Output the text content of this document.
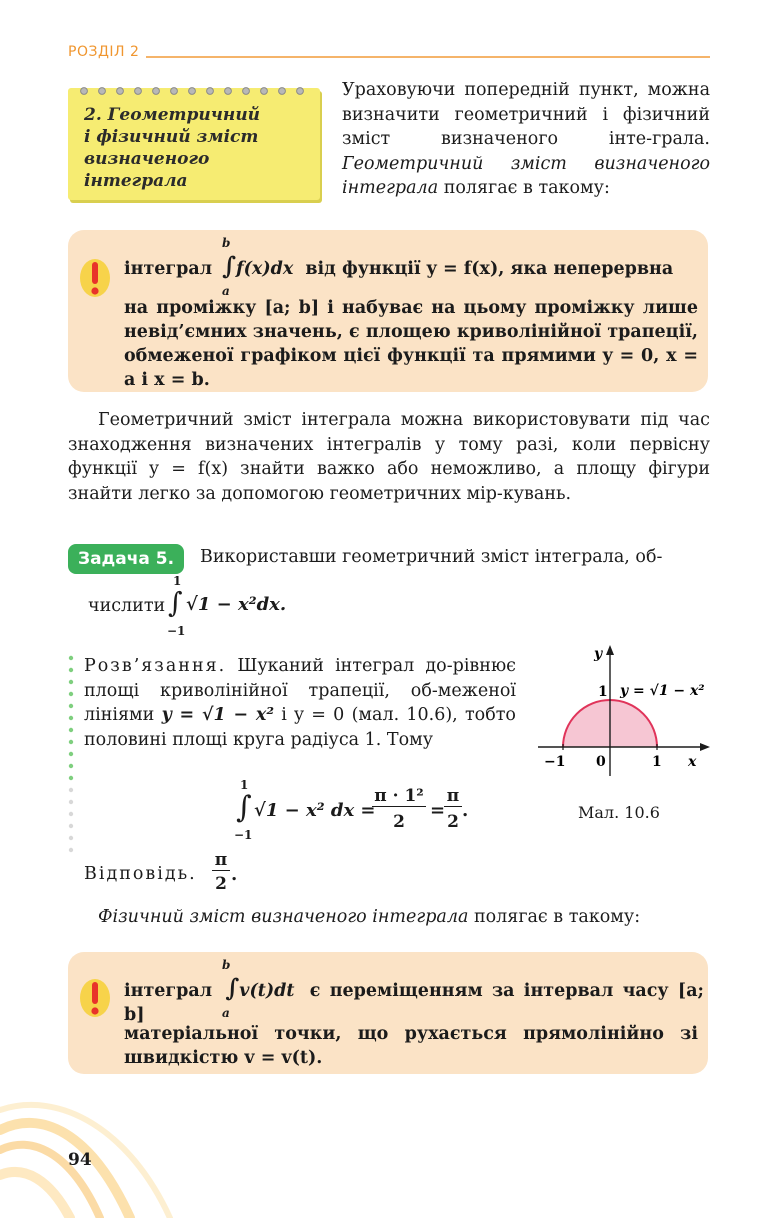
РОЗДІЛ 2
2. Геометричний
і фізичний зміст
визначеного
інтеграла
Ураховуючи попередній пункт, можна визначити геометричний і фізичний зміст визначеного інте-грала. Геометричний зміст визначеного інтеграла полягає в такому:
інтеграл ∫f(x)dx від функції y = f(x), яка неперервна
b
a
на проміжку [a; b] і набуває на цьому проміжку лише невід’ємних значень, є площею криволінійної трапеції, обмеженої графіком цієї функції та прямими y = 0, x = a і x = b.
Геометричний зміст інтеграла можна використовувати під час знаходження визначених інтегралів у тому разі, коли первісну функції y = f(x) знайти важко або неможливо, а площу фігури знайти легко за допомогою геометричних мір-кувань.
Задача 5.	Використавши геометричний зміст інтеграла, об-
числити ∫
1
−1
√1 − x²dx.
Розв’язання. Шуканий інтеграл до-рівнює площі криволінійної трапеції, об-меженої лініями y = √1 − x² і y = 0 (мал. 10.6), тобто половині площі круга радіуса 1. Тому
∫
1
−1
√1 − x² dx =
π · 1²
2
=
π
2
.
Відповідь.
π
2 .
y
1 y = √1 − x²
−1 0	1 x
Мал. 10.6
Фізичний зміст визначеного інтеграла полягає в такому:
інтеграл ∫v(t)dt є переміщенням за інтервал часу [a; b]
b
a
матеріальної точки, що рухається прямолінійно зі швидкістю v = v(t).
94
